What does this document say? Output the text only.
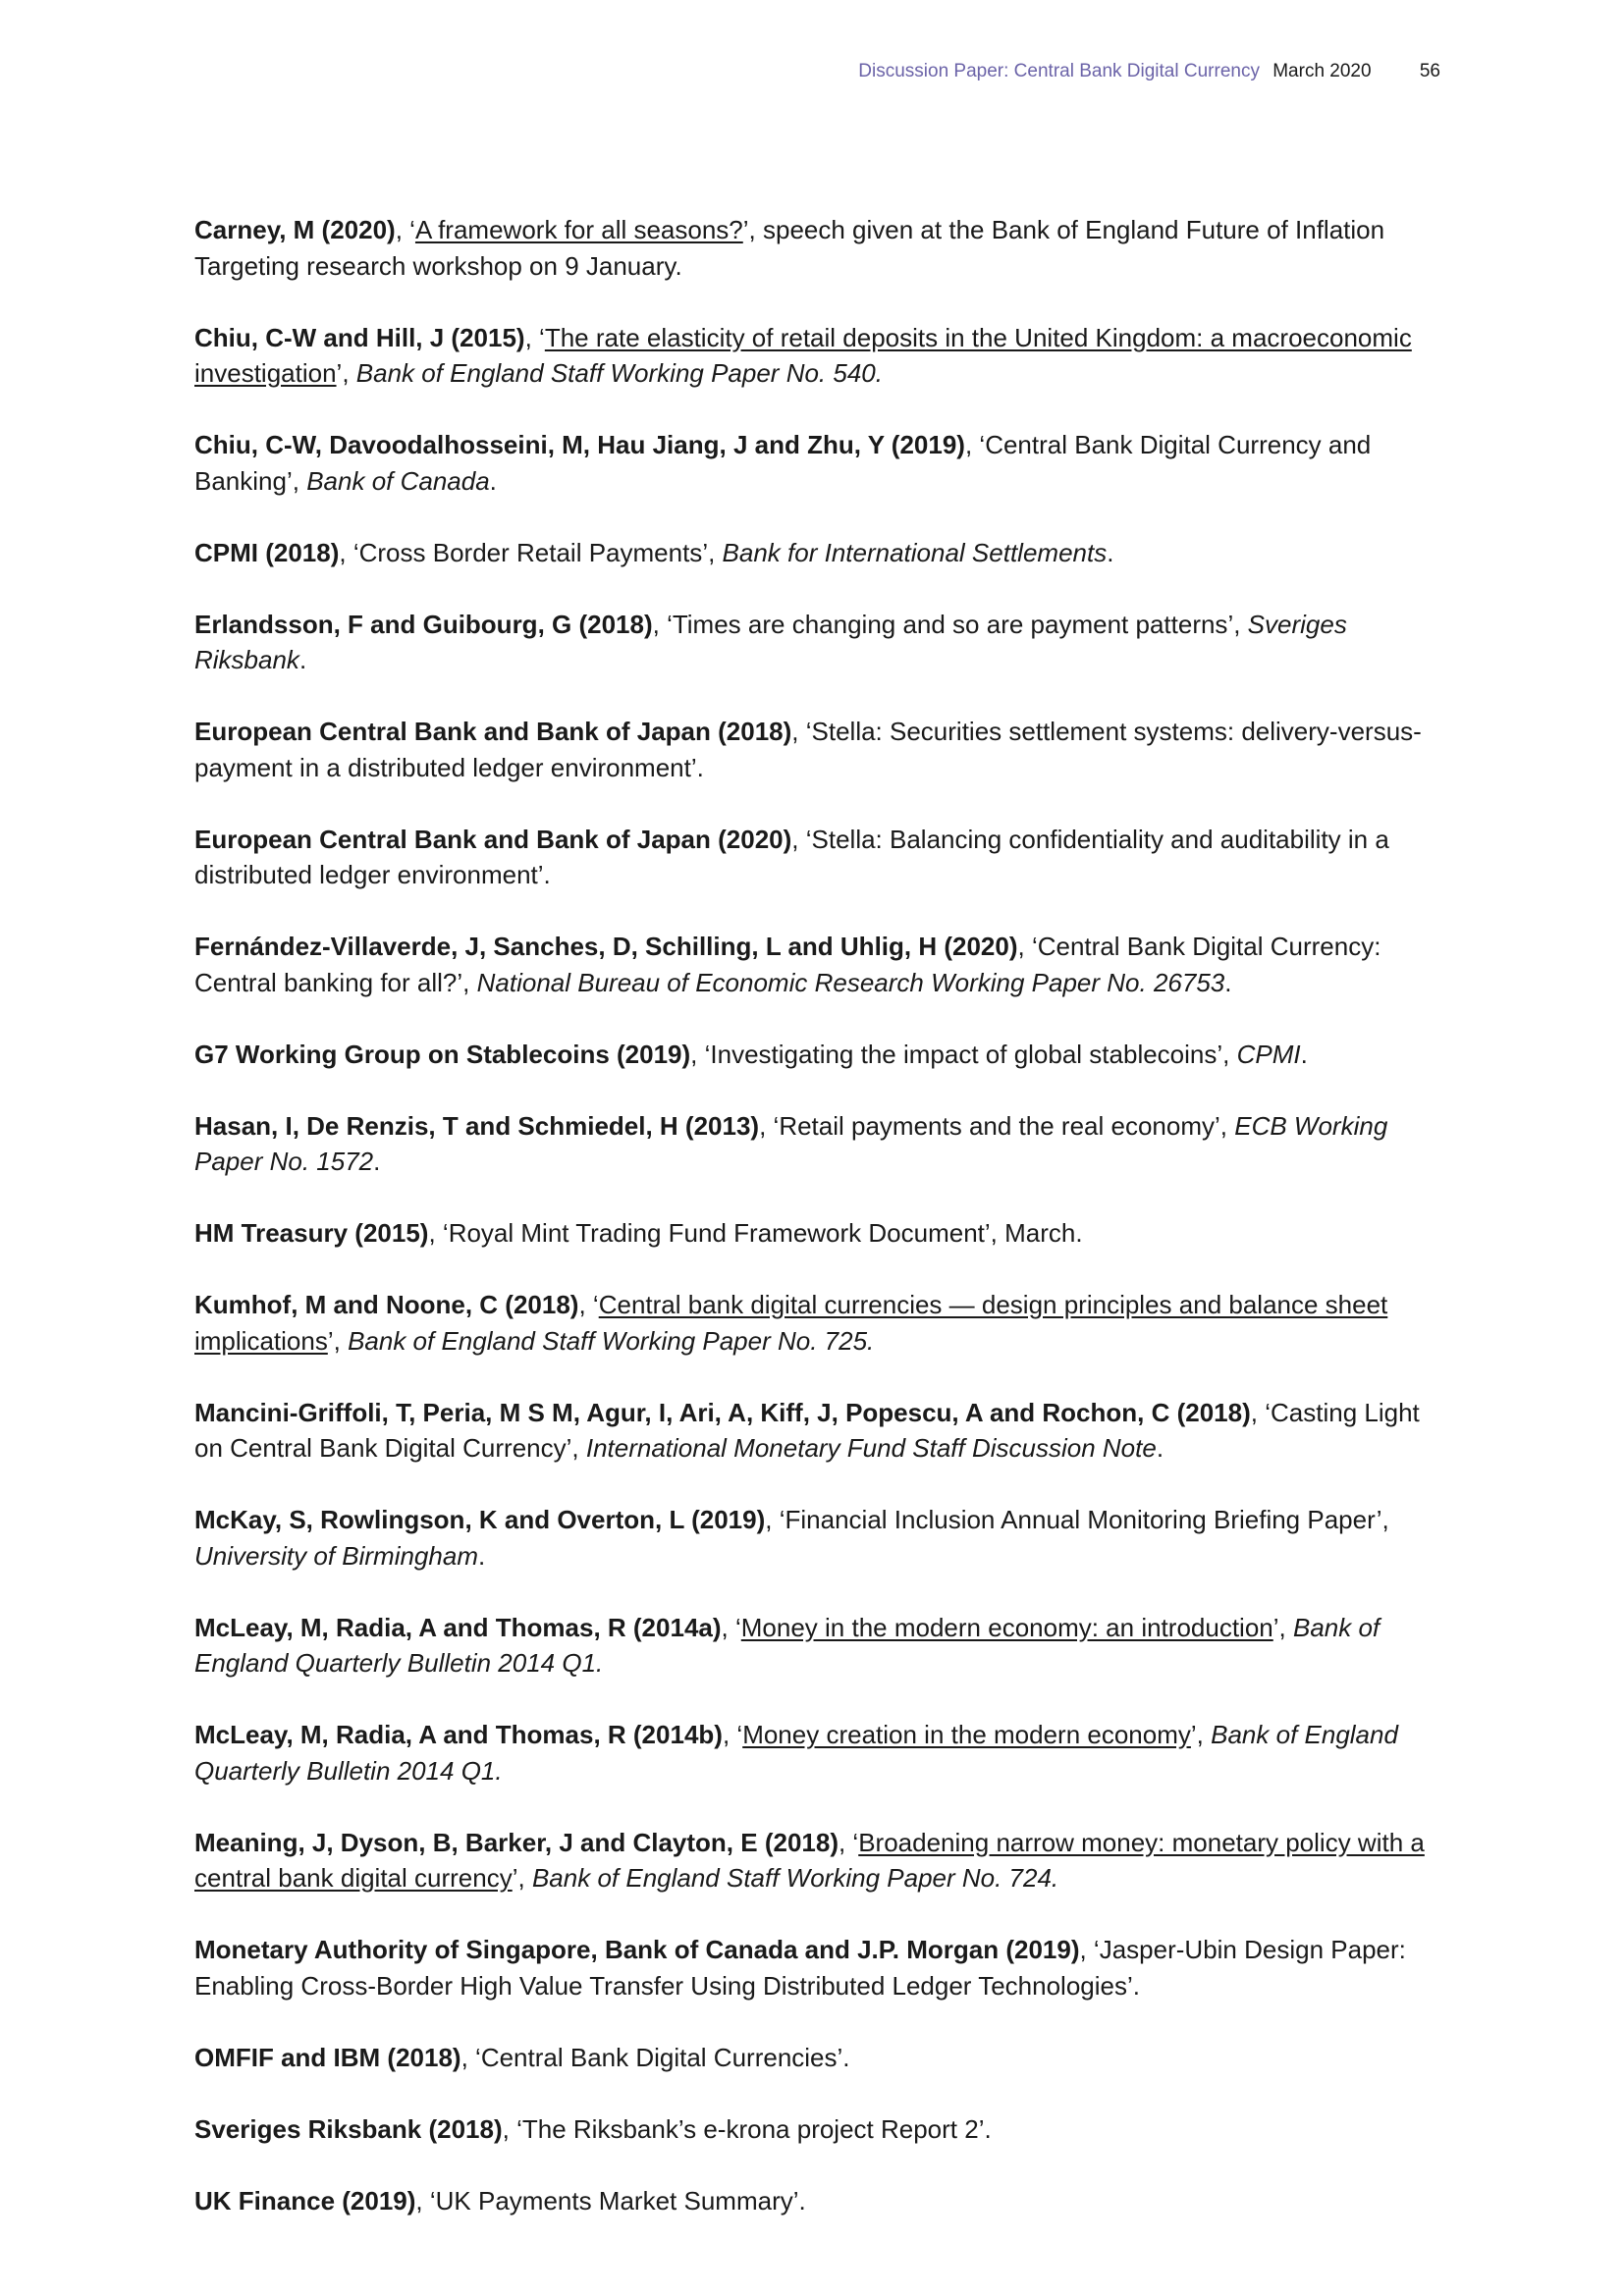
Discussion Paper: Central Bank Digital Currency March 2020	56

Carney, M (2020), ‘A framework for all seasons?’, speech given at the Bank of England Future of Inflation Targeting research workshop on 9 January.

Chiu, C-W and Hill, J (2015), ‘The rate elasticity of retail deposits in the United Kingdom: a macroeconomic investigation’, Bank of England Staff Working Paper No. 540.

Chiu, C-W, Davoodalhosseini, M, Hau Jiang, J and Zhu, Y (2019), ‘Central Bank Digital Currency and Banking’, Bank of Canada.

CPMI (2018), ‘Cross Border Retail Payments’, Bank for International Settlements.

Erlandsson, F and Guibourg, G (2018), ‘Times are changing and so are payment patterns’, Sveriges Riksbank.

European Central Bank and Bank of Japan (2018), ‘Stella: Securities settlement systems: delivery-versus-payment in a distributed ledger environment’.

European Central Bank and Bank of Japan (2020), ‘Stella: Balancing confidentiality and auditability in a distributed ledger environment’.

Fernández-Villaverde, J, Sanches, D, Schilling, L and Uhlig, H (2020), ‘Central Bank Digital Currency: Central banking for all?’, National Bureau of Economic Research Working Paper No. 26753.

G7 Working Group on Stablecoins (2019), ‘Investigating the impact of global stablecoins’, CPMI.

Hasan, I, De Renzis, T and Schmiedel, H (2013), ‘Retail payments and the real economy’, ECB Working Paper No. 1572.

HM Treasury (2015), ‘Royal Mint Trading Fund Framework Document’, March.

Kumhof, M and Noone, C (2018), ‘Central bank digital currencies — design principles and balance sheet implications’, Bank of England Staff Working Paper No. 725.

Mancini-Griffoli, T, Peria, M S M, Agur, I, Ari, A, Kiff, J, Popescu, A and Rochon, C (2018), ‘Casting Light on Central Bank Digital Currency’, International Monetary Fund Staff Discussion Note.

McKay, S, Rowlingson, K and Overton, L (2019), ‘Financial Inclusion Annual Monitoring Briefing Paper’, University of Birmingham.

McLeay, M, Radia, A and Thomas, R (2014a), ‘Money in the modern economy: an introduction’, Bank of England Quarterly Bulletin 2014 Q1.

McLeay, M, Radia, A and Thomas, R (2014b), ‘Money creation in the modern economy’, Bank of England Quarterly Bulletin 2014 Q1.

Meaning, J, Dyson, B, Barker, J and Clayton, E (2018), ‘Broadening narrow money: monetary policy with a central bank digital currency’, Bank of England Staff Working Paper No. 724.

Monetary Authority of Singapore, Bank of Canada and J.P. Morgan (2019), ‘Jasper-Ubin Design Paper: Enabling Cross-Border High Value Transfer Using Distributed Ledger Technologies’.

OMFIF and IBM (2018), ‘Central Bank Digital Currencies’.

Sveriges Riksbank (2018), ‘The Riksbank’s e-krona project Report 2’.

UK Finance (2019), ‘UK Payments Market Summary’.
